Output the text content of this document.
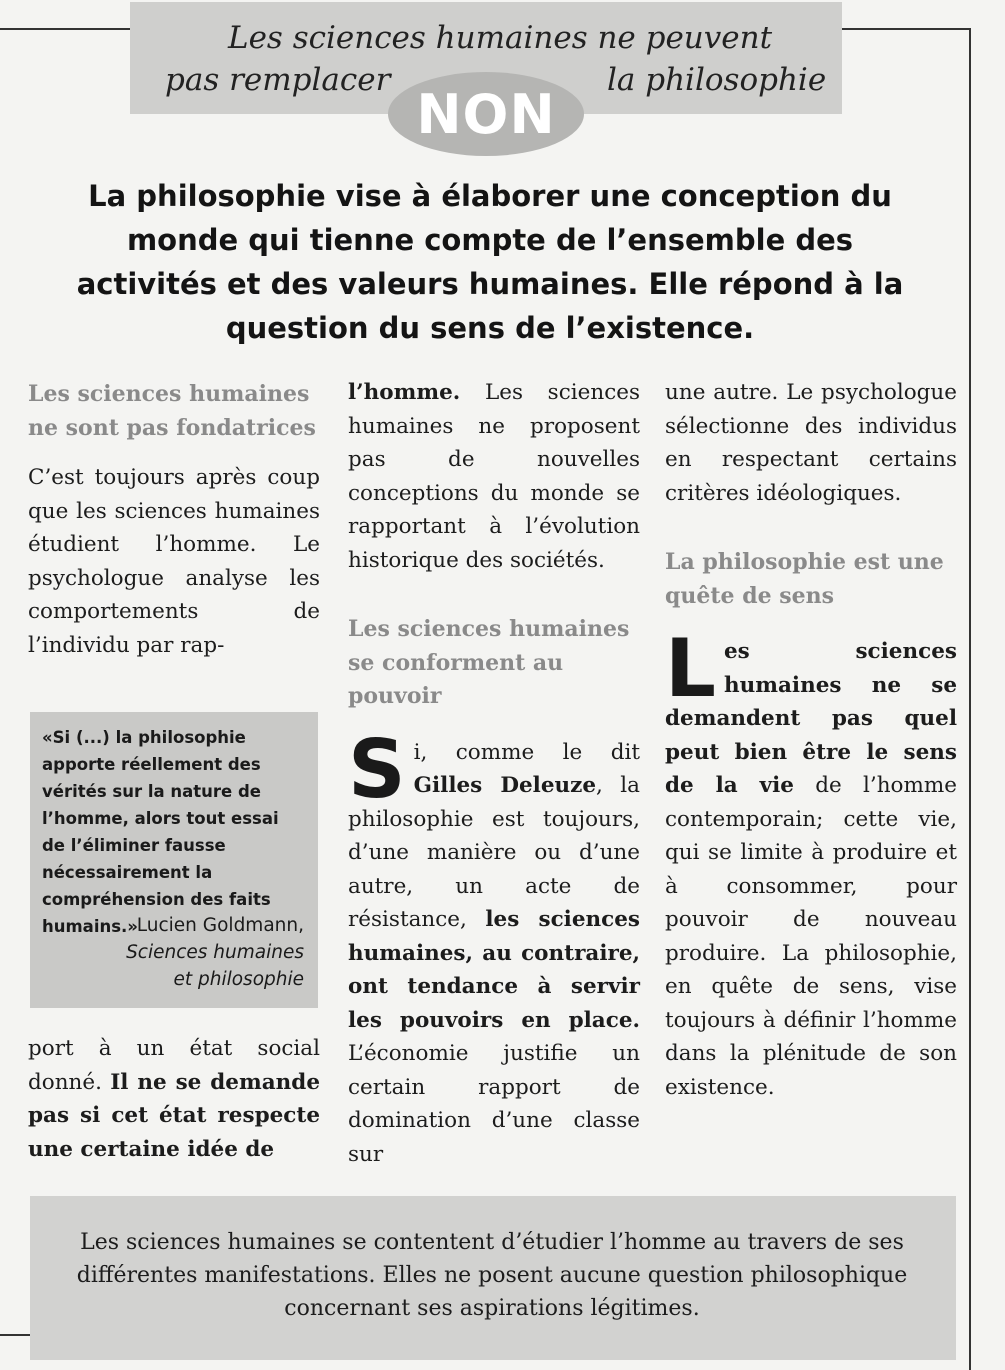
Les sciences humaines ne peuvent
pas remplacer	la philosophie
NON
La philosophie vise à élaborer une conception du monde qui tienne compte de l’ensemble des activités et des valeurs humaines. Elle répond à la question du sens de l’existence.
Les sciences humaines ne sont pas fondatrices

C’est toujours après coup que les sciences humaines étudient l’homme. Le psychologue analyse les comportements de l’individu par rap-

«Si (...) la philosophie apporte réellement des vérités sur la nature de l’homme, alors tout essai de l’éliminer fausse nécessairement la compréhension des faits humains.»
Lucien Goldmann,
Sciences humaines
et philosophie

port à un état social donné. Il ne se demande pas si cet état respecte une certaine idée de

l’homme. Les sciences humaines ne proposent pas de nouvelles conceptions du monde se rapportant à l’évolution historique des sociétés.

Les sciences humaines se conforment au pouvoir

Si, comme le dit Gilles Deleuze, la philosophie est toujours, d’une manière ou d’une autre, un acte de résistance, les sciences humaines, au contraire, ont tendance à servir les pouvoirs en place. L’économie justifie un certain rapport de domination d’une classe sur

une autre. Le psychologue sélectionne des individus en respectant certains critères idéologiques.

La philosophie est une quête de sens

Les sciences humaines ne se demandent pas quel peut bien être le sens de la vie de l’homme contemporain; cette vie, qui se limite à produire et à consommer, pour pouvoir de nouveau produire. La philosophie, en quête de sens, vise toujours à définir l’homme dans la plénitude de son existence.

Les sciences humaines se contentent d’étudier l’homme au travers de ses différentes manifestations. Elles ne posent aucune question philosophique concernant ses aspirations légitimes.
